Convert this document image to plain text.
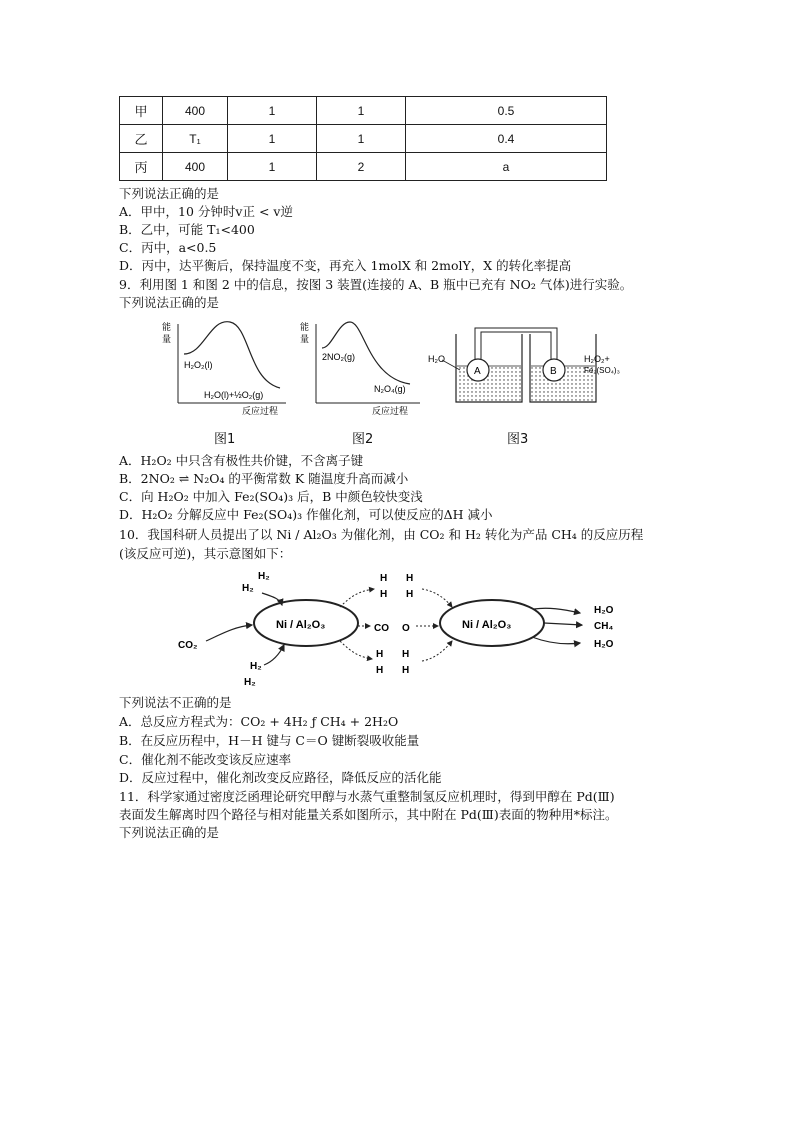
甲	400	1	1	0.5
乙	T₁	1	1	0.4
丙	400	1	2	a
下列说法正确的是
A．甲中，10 分钟时v正 < v逆
B．乙中，可能 T₁<400
C．丙中，a<0.5
D．丙中，达平衡后，保持温度不变，再充入 1molX 和 2molY，X 的转化率提高
9．利用图 1 和图 2 中的信息，按图 3 装置(连接的 A、B 瓶中已充有 NO₂ 气体)进行实验。
下列说法正确的是
能
量
H₂O₂(l)
H₂O(l)+½O₂(g)
反应过程
图1
能
量
2NO₂(g)
N₂O₄(g)
反应过程
图2
A	B
H₂O	H₂O₂+
Fe₂(SO₄)₃
图3
A．H₂O₂ 中只含有极性共价键，不含离子键
B．2NO₂ ⇌ N₂O₄ 的平衡常数 K 随温度升高而减小
C．向 H₂O₂ 中加入 Fe₂(SO₄)₃ 后，B 中颜色较快变浅
D．H₂O₂ 分解反应中 Fe₂(SO₄)₃ 作催化剂，可以使反应的ΔH 减小
10．我国科研人员提出了以 Ni / Al₂O₃ 为催化剂，由 CO₂ 和 H₂ 转化为产品 CH₄ 的反应历程
(该反应可逆)，其示意图如下：
Ni / Al₂O₃	Ni / Al₂O₃
H₂
H₂
H₂
H₂
CO₂
H H
H H
CO O
H H
H H
H₂O
CH₄
H₂O
下列说法不正确的是
A．总反应方程式为：CO₂ + 4H₂ ƒ CH₄ + 2H₂O
B．在反应历程中，H－H 键与 C＝O 键断裂吸收能量
C．催化剂不能改变该反应速率
D．反应过程中，催化剂改变反应路径，降低反应的活化能
11．科学家通过密度泛函理论研究甲醇与水蒸气重整制氢反应机理时，得到甲醇在 Pd(Ⅲ)
表面发生解离时四个路径与相对能量关系如图所示，其中附在 Pd(Ⅲ)表面的物种用*标注。
下列说法正确的是
